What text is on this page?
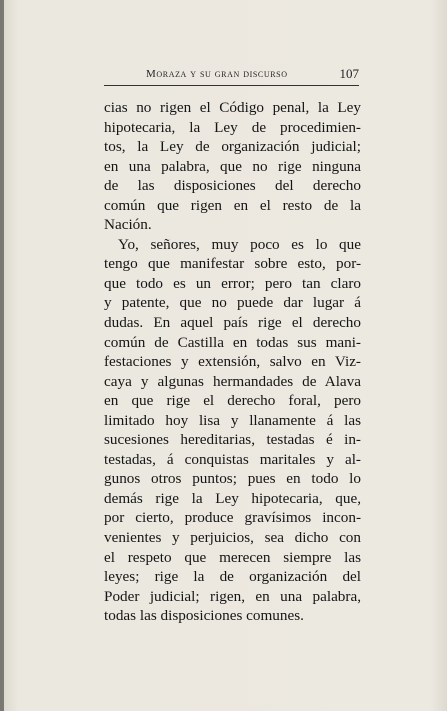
Moraza y su gran discurso	107
cias no rigen el Código penal, la Ley
hipotecaria, la Ley de procedimien-
tos, la Ley de organización judicial;
en una palabra, que no rige ninguna
de las disposiciones del derecho
común que rigen en el resto de la
Nación.
Yo, señores, muy poco es lo que
tengo que manifestar sobre esto, por-
que todo es un error; pero tan claro
y patente, que no puede dar lugar á
dudas. En aquel país rige el derecho
común de Castilla en todas sus mani-
festaciones y extensión, salvo en Viz-
caya y algunas hermandades de Alava
en que rige el derecho foral, pero
limitado hoy lisa y llanamente á las
sucesiones hereditarias, testadas é in-
testadas, á conquistas maritales y al-
gunos otros puntos; pues en todo lo
demás rige la Ley hipotecaria, que,
por cierto, produce gravísimos incon-
venientes y perjuicios, sea dicho con
el respeto que merecen siempre las
leyes; rige la de organización del
Poder judicial; rigen, en una palabra,
todas las disposiciones comunes.
